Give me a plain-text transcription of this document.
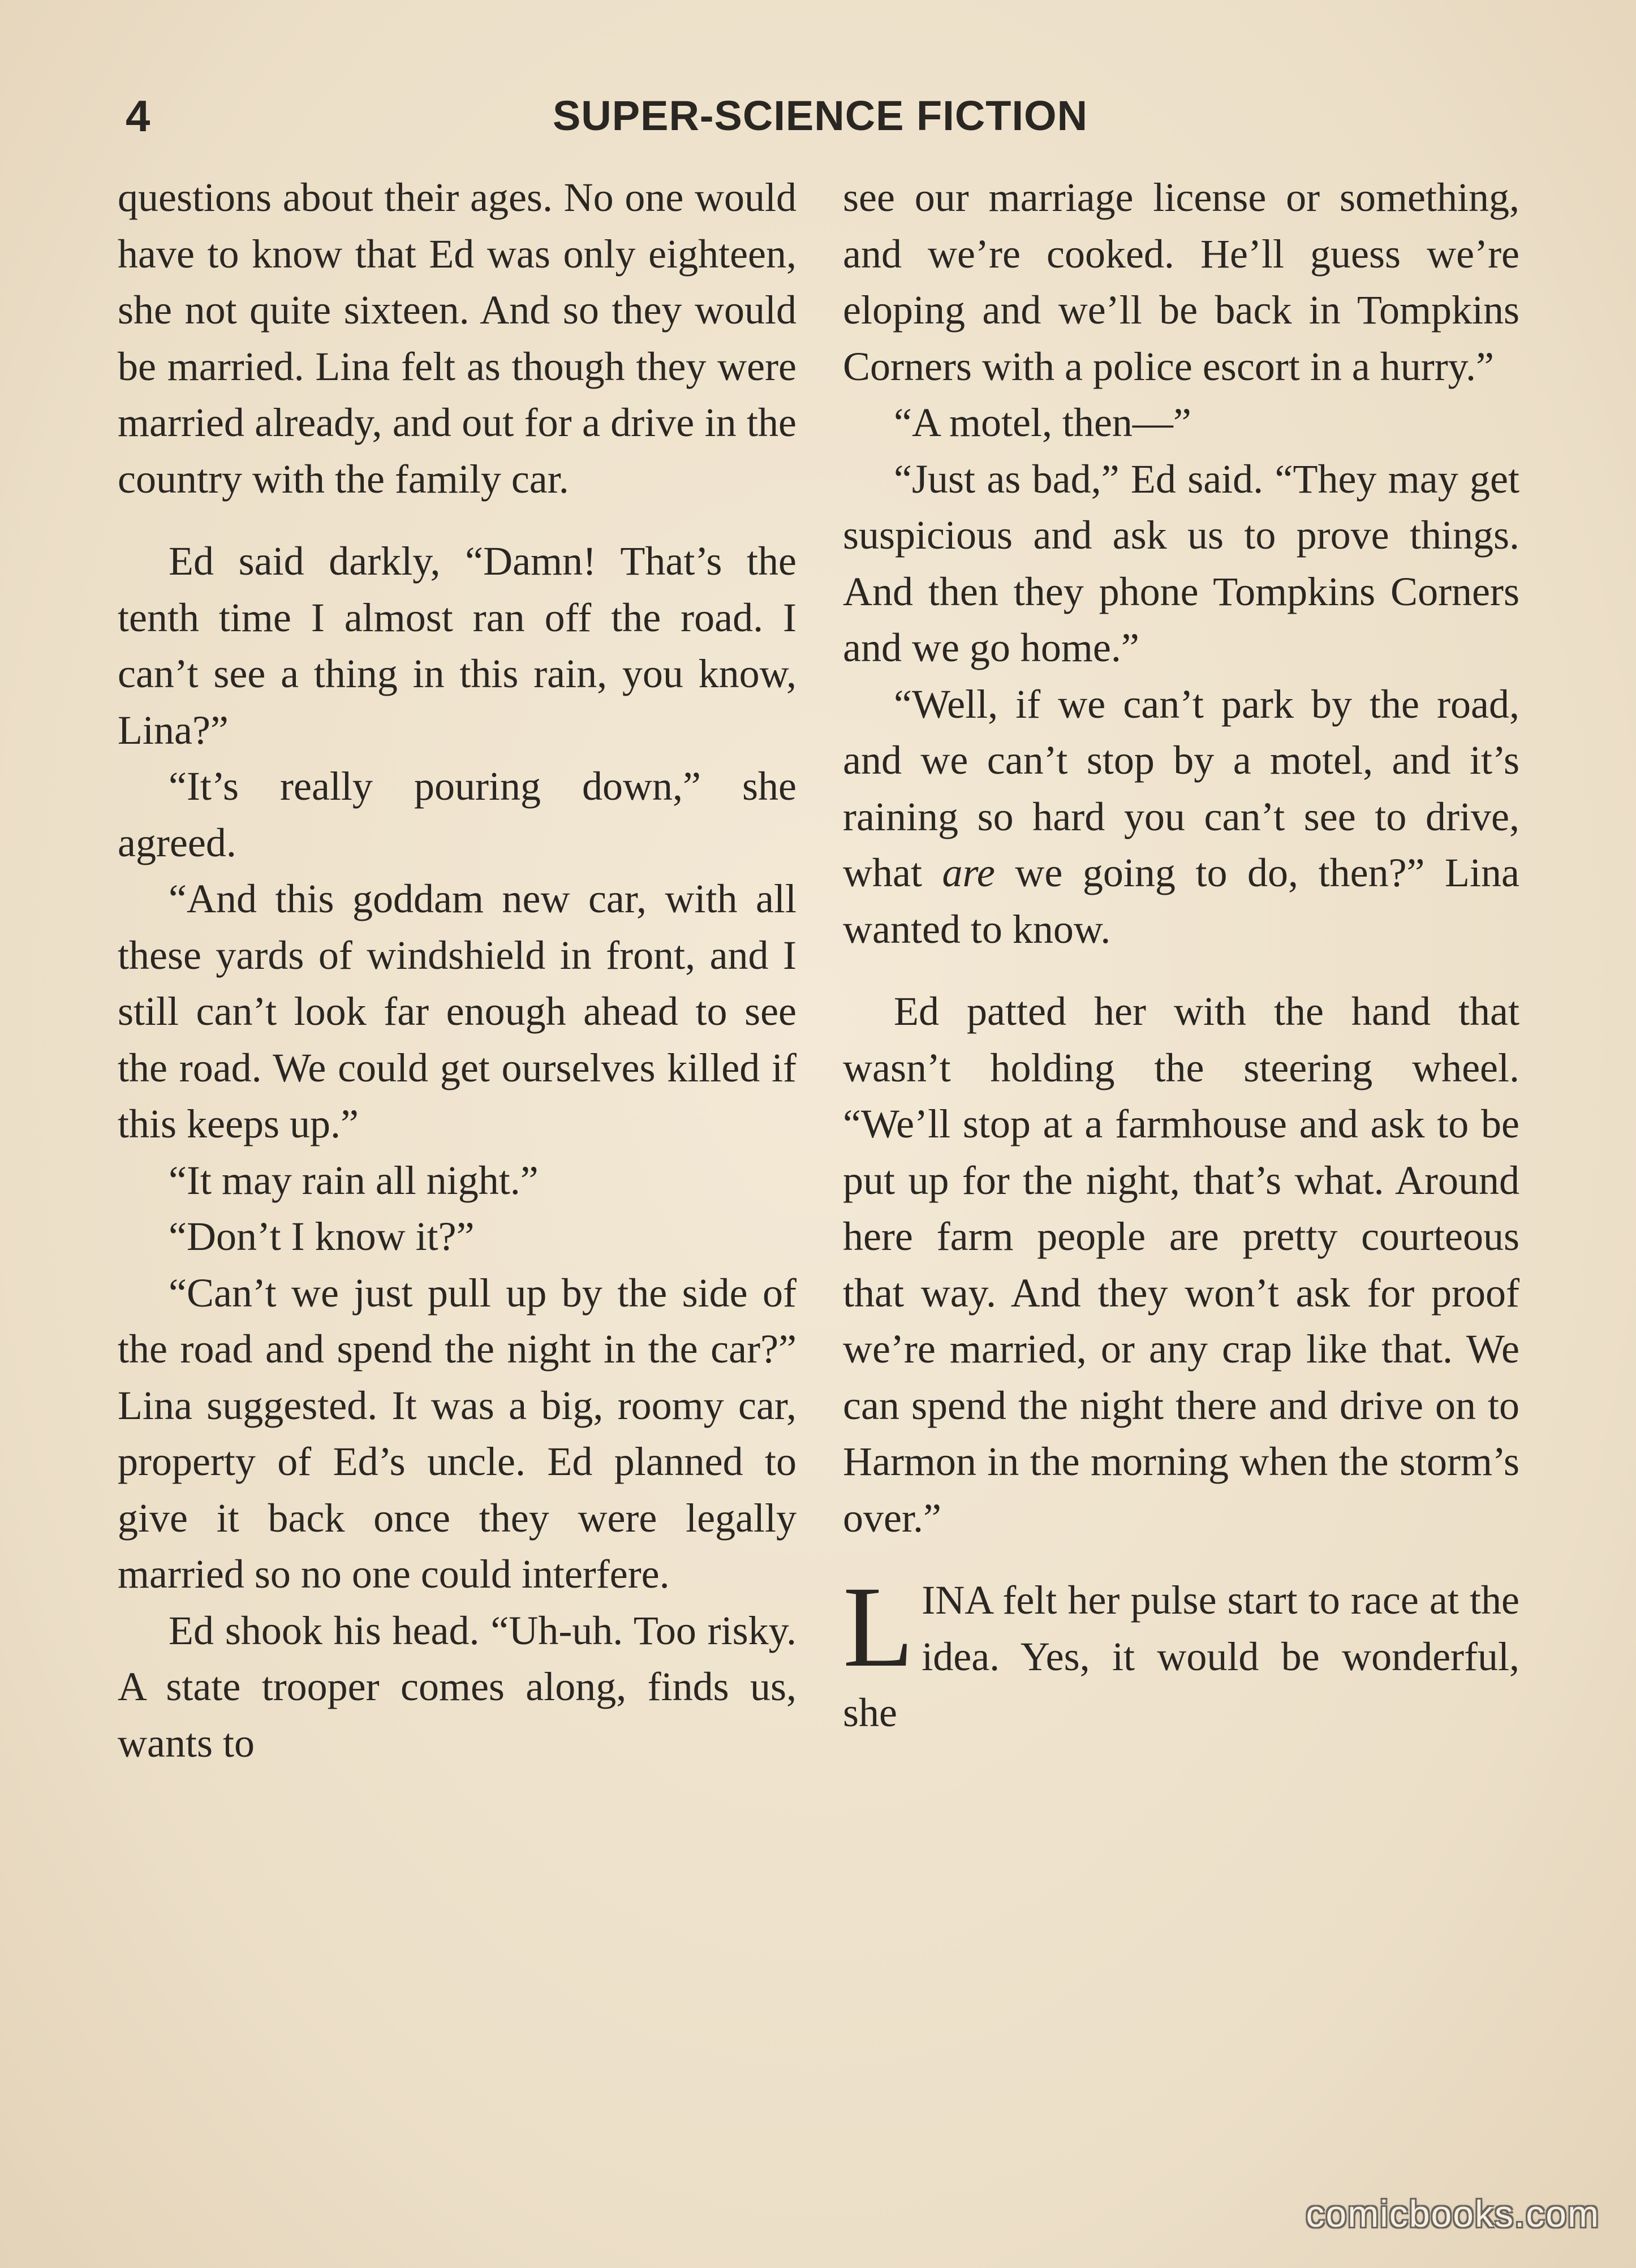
4	SUPER-SCIENCE FICTION

questions about their ages. No one would have to know that Ed was only eighteen, she not quite sixteen. And so they would be married. Lina felt as though they were married already, and out for a drive in the country with the family car.

Ed said darkly, “Damn! That’s the tenth time I almost ran off the road. I can’t see a thing in this rain, you know, Lina?”

“It’s really pouring down,” she agreed.

“And this goddam new car, with all these yards of windshield in front, and I still can’t look far enough ahead to see the road. We could get ourselves killed if this keeps up.”

“It may rain all night.”

“Don’t I know it?”

“Can’t we just pull up by the side of the road and spend the night in the car?” Lina suggested. It was a big, roomy car, property of Ed’s uncle. Ed planned to give it back once they were legally married so no one could interfere.

Ed shook his head. “Uh-uh. Too risky. A state trooper comes along, finds us, wants to

see our marriage license or something, and we’re cooked. He’ll guess we’re eloping and we’ll be back in Tompkins Corners with a police escort in a hurry.”

“A motel, then—”

“Just as bad,” Ed said. “They may get suspicious and ask us to prove things. And then they phone Tompkins Corners and we go home.”

“Well, if we can’t park by the road, and we can’t stop by a motel, and it’s raining so hard you can’t see to drive, what are we going to do, then?” Lina wanted to know.

Ed patted her with the hand that wasn’t holding the steering wheel. “We’ll stop at a farmhouse and ask to be put up for the night, that’s what. Around here farm people are pretty courteous that way. And they won’t ask for proof we’re married, or any crap like that. We can spend the night there and drive on to Harmon in the morning when the storm’s over.”

LINA felt her pulse start to race at the idea. Yes, it would be wonderful, she

comicbooks.com
